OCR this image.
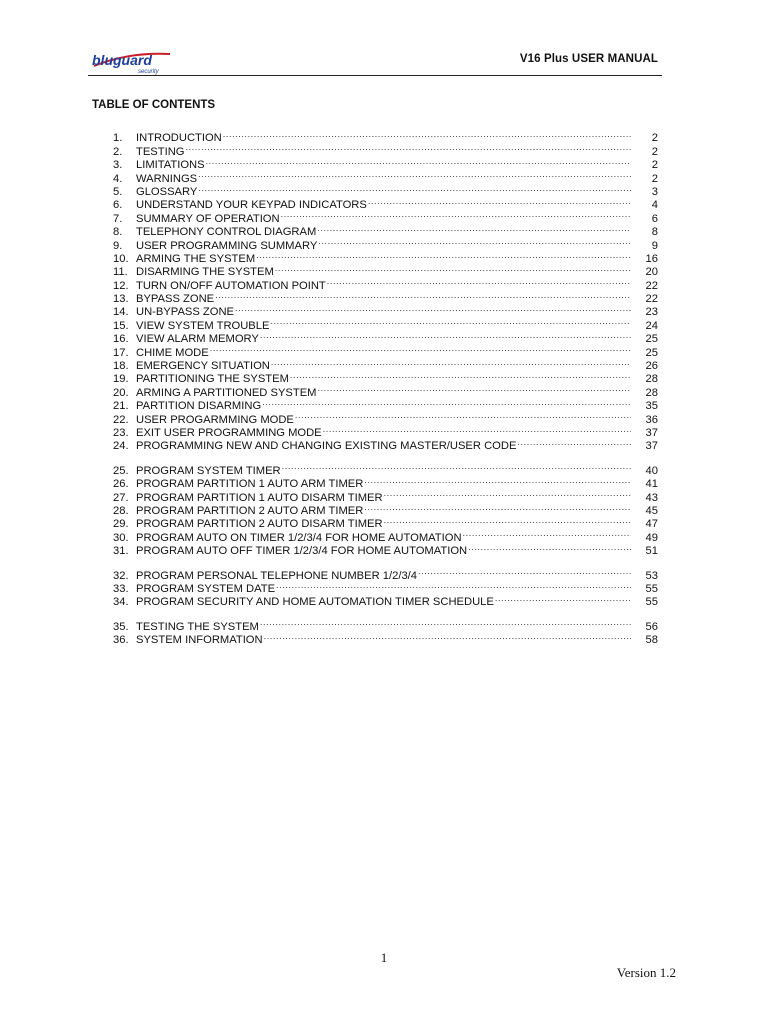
bluguard
security
V16 Plus USER MANUAL
TABLE OF CONTENTS
1.	INTRODUCTION .....	2
2.	TESTING .....	2
3.	LIMITATIONS .....	2
4.	WARNINGS .....	2
5.	GLOSSARY .....	3
6.	UNDERSTAND YOUR KEYPAD INDICATORS .....	4
7.	SUMMARY OF OPERATION .....	6
8.	TELEPHONY CONTROL DIAGRAM .....	8
9.	USER PROGRAMMING SUMMARY .....	9
10. ARMING THE SYSTEM .....	16
11. DISARMING THE SYSTEM .....	20
12. TURN ON/OFF AUTOMATION POINT .....	22
13. BYPASS ZONE .....	22
14. UN-BYPASS ZONE .....	23
15. VIEW SYSTEM TROUBLE .....	24
16. VIEW ALARM MEMORY .....	25
17. CHIME MODE .....	25
18. EMERGENCY SITUATION .....	26
19. PARTITIONING THE SYSTEM .....	28
20. ARMING A PARTITIONED SYSTEM .....	28
21. PARTITION DISARMING .....	35
22. USER PROGARMMING MODE .....	36
23. EXIT USER PROGRAMMING MODE .....	37
24. PROGRAMMING NEW AND CHANGING EXISTING MASTER/USER CODE .....	37
25. PROGRAM SYSTEM TIMER .....	40
26. PROGRAM PARTITION 1 AUTO ARM TIMER .....	41
27. PROGRAM PARTITION 1 AUTO DISARM TIMER .....	43
28. PROGRAM PARTITION 2 AUTO ARM TIMER .....	45
29. PROGRAM PARTITION 2 AUTO DISARM TIMER .....	47
30. PROGRAM AUTO ON TIMER 1/2/3/4 FOR HOME AUTOMATION .....	49
31. PROGRAM AUTO OFF TIMER 1/2/3/4 FOR HOME AUTOMATION .....	51
32. PROGRAM PERSONAL TELEPHONE NUMBER 1/2/3/4 .....	53
33. PROGRAM SYSTEM DATE .....	55
34. PROGRAM SECURITY AND HOME AUTOMATION TIMER SCHEDULE .....	55
35. TESTING THE SYSTEM .....	56
36. SYSTEM INFORMATION .....	58
1
Version 1.2
